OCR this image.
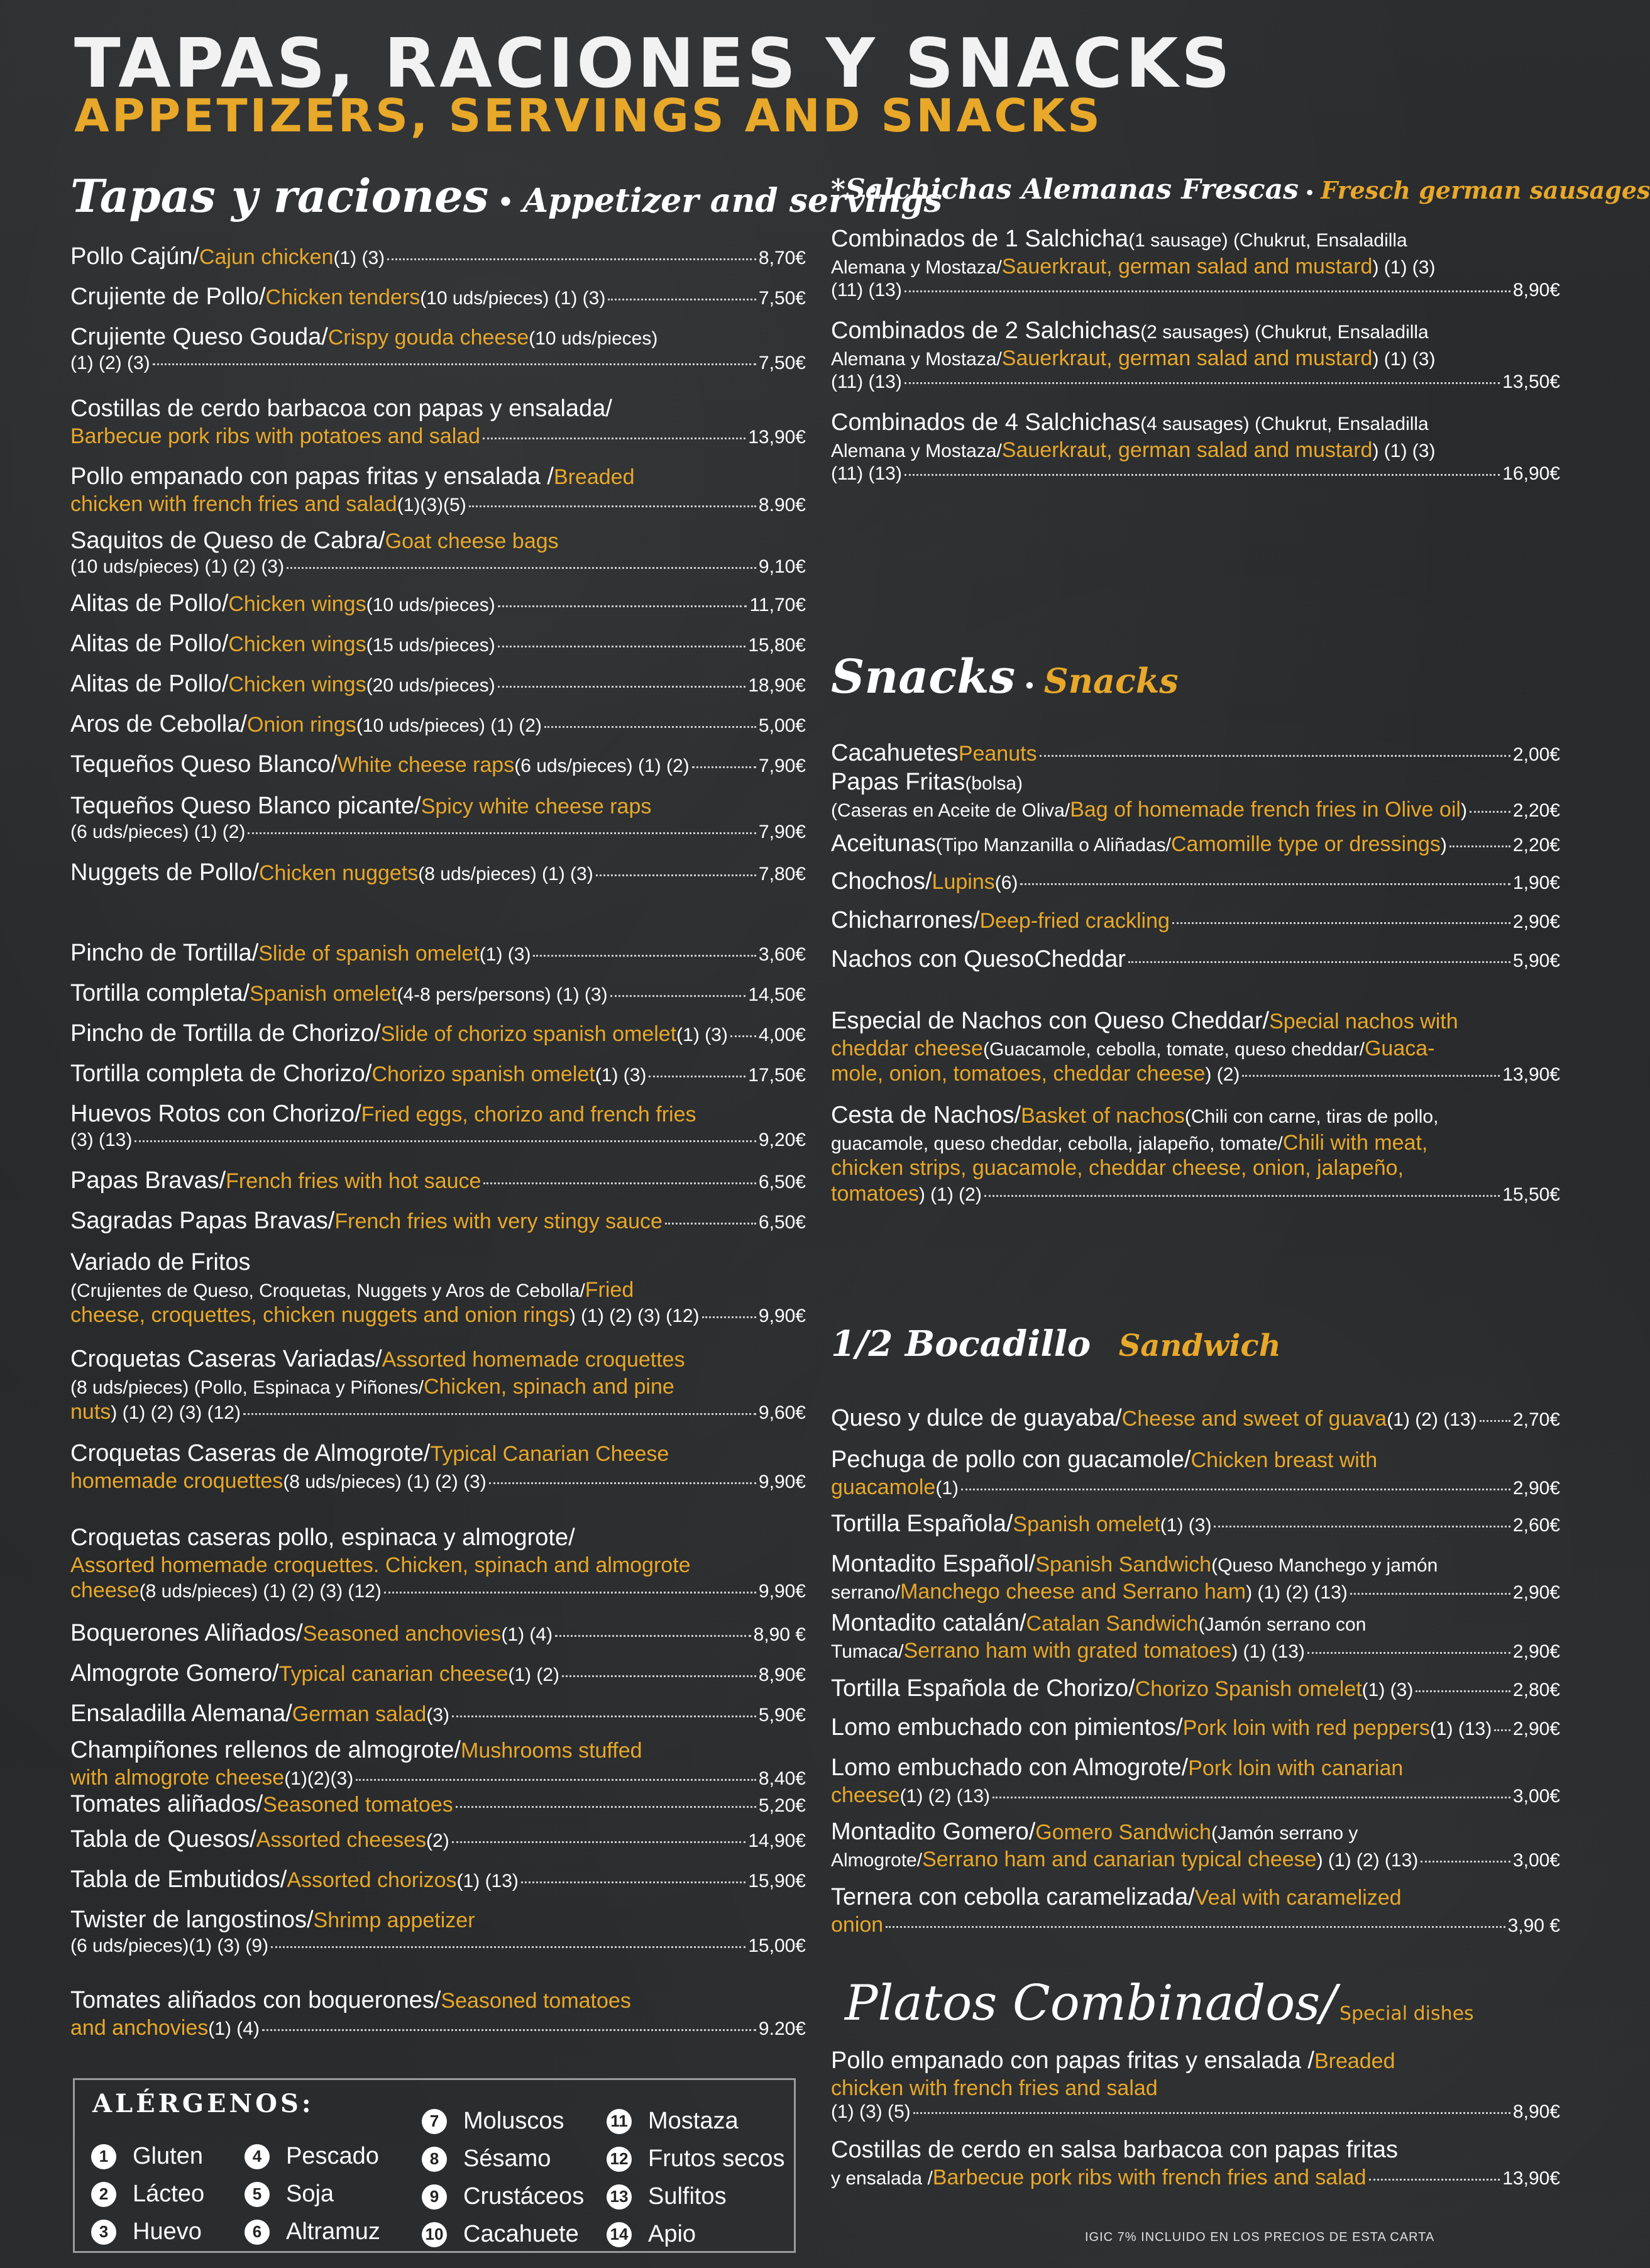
TAPAS, RACIONES Y SNACKS
APPETIZERS, SERVINGS AND SNACKS
Tapas y raciones • Appetizer and servings
Pollo Cajún/ Cajun chicken (1) (3)	8,70€
Crujiente de Pollo/ Chicken tenders (10 uds/pieces) (1) (3)	7,50€
Crujiente Queso Gouda/ Crispy gouda cheese (10 uds/pieces)
(1) (2) (3)	7,50€
Costillas de cerdo barbacoa con papas y ensalada/
Barbecue pork ribs with potatoes and salad	13,90€
Pollo empanado con papas fritas y ensalada / Breaded
chicken with french fries and salad (1)(3)(5)	8.90€
Saquitos de Queso de Cabra/ Goat cheese bags
(10 uds/pieces) (1) (2) (3)	9,10€
Alitas de Pollo/ Chicken wings (10 uds/pieces)	11,70€
Alitas de Pollo/ Chicken wings (15 uds/pieces)	15,80€
Alitas de Pollo/ Chicken wings (20 uds/pieces)	18,90€
Aros de Cebolla/ Onion rings (10 uds/pieces) (1) (2)	5,00€
Tequeños Queso Blanco/ White cheese raps (6 uds/pieces) (1) (2)	7,90€
Tequeños Queso Blanco picante/ Spicy white cheese raps
(6 uds/pieces) (1) (2)	7,90€
Nuggets de Pollo/ Chicken nuggets (8 uds/pieces) (1) (3)	7,80€
Pincho de Tortilla/ Slide of spanish omelet (1) (3)	3,60€
Tortilla completa/ Spanish omelet (4-8 pers/persons) (1) (3)	14,50€
Pincho de Tortilla de Chorizo/ Slide of chorizo spanish omelet (1) (3) 4,00€
Tortilla completa de Chorizo/ Chorizo spanish omelet (1) (3)	17,50€
Huevos Rotos con Chorizo/ Fried eggs, chorizo and french fries
(3) (13)	9,20€
Papas Bravas/ French fries with hot sauce	6,50€
Sagradas Papas Bravas/ French fries with very stingy sauce	6,50€
Variado de Fritos
(Crujientes de Queso, Croquetas, Nuggets y Aros de Cebolla/ Fried
cheese, croquettes, chicken nuggets and onion rings ) (1) (2) (3) (12)	9,90€
Croquetas Caseras Variadas/ Assorted homemade croquettes
(8 uds/pieces) (Pollo, Espinaca y Piñones/ Chicken, spinach and pine
nuts ) (1) (2) (3) (12)	9,60€
Croquetas Caseras de Almogrote/ Typical Canarian Cheese
homemade croquettes (8 uds/pieces) (1) (2) (3)	9,90€
Croquetas caseras pollo, espinaca y almogrote/
Assorted homemade croquettes. Chicken, spinach and almogrote
cheese (8 uds/pieces) (1) (2) (3) (12)	9,90€
Boquerones Aliñados/ Seasoned anchovies (1) (4)	8,90 €
Almogrote Gomero/ Typical canarian cheese (1) (2)	8,90€
Ensaladilla Alemana/ German salad (3)	5,90€
Champiñones rellenos de almogrote/ Mushrooms stuffed
with almogrote cheese (1)(2)(3)	8,40€
Tomates aliñados/ Seasoned tomatoes	5,20€
Tabla de Quesos/ Assorted cheeses (2)	14,90€
Tabla de Embutidos/ Assorted chorizos (1) (13)	15,90€
Twister de langostinos/ Shrimp appetizer
(6 uds/pieces)(1) (3) (9)	15,00€
Tomates aliñados con boquerones/ Seasoned tomatoes
and anchovies (1) (4)	9.20€
*Salchichas Alemanas Frescas • Fresch german sausages
Combinados de 1 Salchicha (1 sausage) (Chukrut, Ensaladilla
Alemana y Mostaza/ Sauerkraut, german salad and mustard ) (1) (3)
(11) (13)	8,90€
Combinados de 2 Salchichas (2 sausages) (Chukrut, Ensaladilla
Alemana y Mostaza/ Sauerkraut, german salad and mustard ) (1) (3)
(11) (13)	13,50€
Combinados de 4 Salchichas (4 sausages) (Chukrut, Ensaladilla
Alemana y Mostaza/ Sauerkraut, german salad and mustard ) (1) (3)
(11) (13)	16,90€
Snacks • Snacks
Cacahuetes Peanuts	2,00€
Papas Fritas (bolsa)
(Caseras en Aceite de Oliva/ Bag of homemade french fries in Olive oil ) 2,20€
Aceitunas (Tipo Manzanilla o Aliñadas/ Camomille type or dressings )	2,20€
Chochos/ Lupins (6)	1,90€
Chicharrones/ Deep-fried crackling	2,90€
Nachos con Queso Cheddar	5,90€
Especial de Nachos con Queso Cheddar/ Special nachos with
cheddar cheese (Guacamole, cebolla, tomate, queso cheddar/ Guaca-
mole, onion, tomatoes, cheddar cheese ) (2)	13,90€
Cesta de Nachos/ Basket of nachos (Chili con carne, tiras de pollo,
guacamole, queso cheddar, cebolla, jalapeño, tomate/ Chili with meat,
chicken strips, guacamole, cheddar cheese, onion, jalapeño,
tomatoes ) (1) (2)	15,50€
1/2 Bocadillo Sandwich
Queso y dulce de guayaba/ Cheese and sweet of guava (1) (2) (13) 2,70€
Pechuga de pollo con guacamole/ Chicken breast with
guacamole (1)	2,90€
Tortilla Española/ Spanish omelet (1) (3)	2,60€
Montadito Español/ Spanish Sandwich (Queso Manchego y jamón
serrano/ Manchego cheese and Serrano ham ) (1) (2) (13)	2,90€
Montadito catalán/ Catalan Sandwich (Jamón serrano con
Tumaca/ Serrano ham with grated tomatoes ) (1) (13)	2,90€
Tortilla Española de Chorizo/ Chorizo Spanish omelet (1) (3)	2,80€
Lomo embuchado con pimientos/ Pork loin with red peppers (1) (13) 2,90€
Lomo embuchado con Almogrote/ Pork loin with canarian
cheese (1) (2) (13)	3,00€
Montadito Gomero/ Gomero Sandwich (Jamón serrano y
Almogrote/ Serrano ham and canarian typical cheese ) (1) (2) (13)	3,00€
Ternera con cebolla caramelizada/ Veal with caramelized
onion	3,90 €
Platos Combinados/ Special dishes
Pollo empanado con papas fritas y ensalada / Breaded
chicken with french fries and salad
(1) (3) (5)	8,90€
Costillas de cerdo en salsa barbacoa con papas fritas
y ensalada / Barbecue pork ribs with french fries and salad	13,90€
ALÉRGENOS:
1	Gluten
2	Lácteo
3	Huevo
4	Pescado
5	Soja
6	Altramuz
7	Moluscos
8	Sésamo
9	Crustáceos
10 Cacahuete
11 Mostaza
12 Frutos secos
13 Sulfitos
14 Apio	IGIC 7% INCLUIDO EN LOS PRECIOS DE ESTA CARTA
